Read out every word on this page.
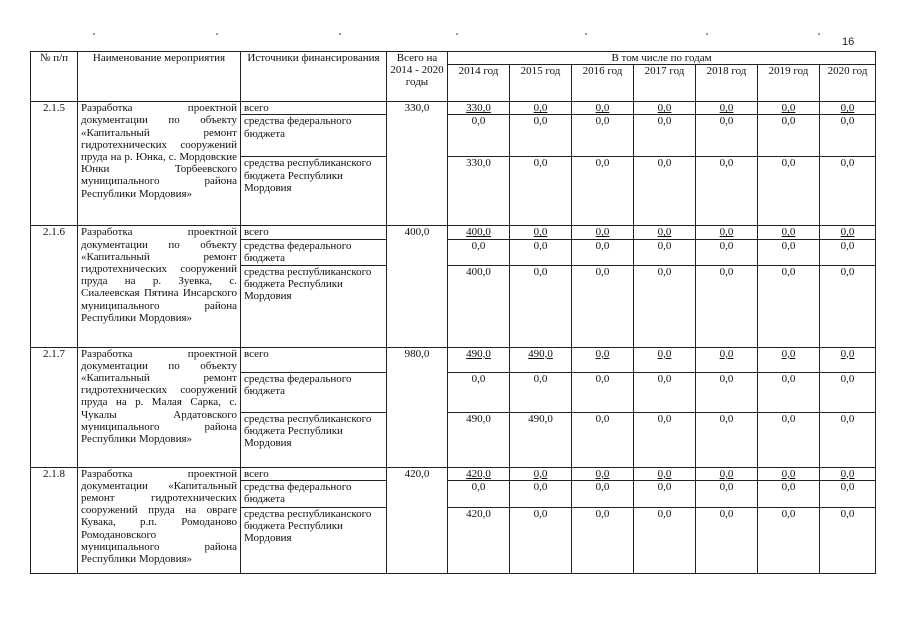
16
№ п/п	Наименование мероприятия	Источники финансирования	Всего на 2014 - 2020 годы	В том числе по годам						
				2014 год	2015 год	2016 год	2017 год	2018 год	2019 год	2020 год
2.1.5	Разработка проектной документации по объекту «Капитальный ремонт гидротехнических сооружений пруда на р. Юнка, с. Мордовские Юнки Торбеевского муниципального района Республики Мордовия»	всего	330,0	330,0	0,0	0,0	0,0	0,0	0,0	0,0
		средства федерального бюджета		0,0	0,0	0,0	0,0	0,0	0,0	0,0
		средства республиканского бюджета Республики Мордовия		330,0	0,0	0,0	0,0	0,0	0,0	0,0
2.1.6	Разработка проектной документации по объекту «Капитальный ремонт гидротехнических сооружений пруда на р. Зуевка, с. Сиалеевская Пятина Инсарского муниципального района Республики Мордовия»	всего	400,0	400,0	0,0	0,0	0,0	0,0	0,0	0,0
		средства федерального бюджета		0,0	0,0	0,0	0,0	0,0	0,0	0,0
		средства республиканского бюджета Республики Мордовия		400,0	0,0	0,0	0,0	0,0	0,0	0,0
2.1.7	Разработка проектной документации по объекту «Капитальный ремонт гидротехнических сооружений пруда на р. Малая Сарка, с. Чукалы Ардатовского муниципального района Республики Мордовия»	всего	980,0	490,0	490,0	0,0	0,0	0,0	0,0	0,0
		средства федерального бюджета		0,0	0,0	0,0	0,0	0,0	0,0	0,0
		средства республиканского бюджета Республики Мордовия		490,0	490,0	0,0	0,0	0,0	0,0	0,0
2.1.8	Разработка проектной документации «Капитальный ремонт гидротехнических сооружений пруда на овраге Кувака, р.п. Ромоданово Ромодановского муниципального района Республики Мордовия»	всего	420,0	420,0	0,0	0,0	0,0	0,0	0,0	0,0
		средства федерального бюджета		0,0	0,0	0,0	0,0	0,0	0,0	0,0
		средства республиканского бюджета Республики Мордовия		420,0	0,0	0,0	0,0	0,0	0,0	0,0
